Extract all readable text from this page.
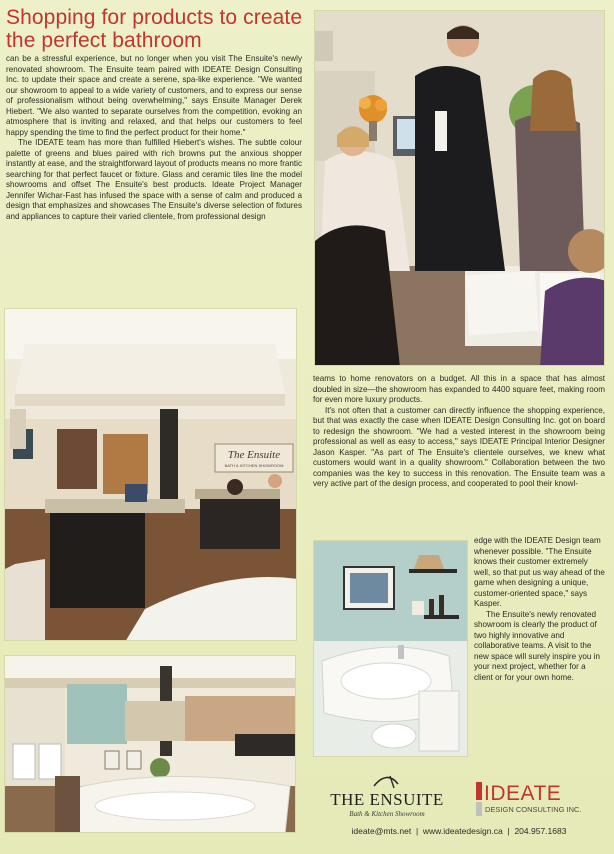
Shopping for products to create the perfect bathroom

can be a stressful experience, but no longer when you visit The Ensuite's newly renovated showroom. The Ensuite team paired with IDEATE Design Consulting Inc. to update their space and create a serene, spa-like experience. "We wanted our showroom to appeal to a wide variety of customers, and to express our sense of professionalism without being overwhelming," says Ensuite Manager Derek Hiebert. "We also wanted to separate ourselves from the competition, evoking an atmosphere that is inviting and relaxed, and that helps our customers to feel happy spending the time to find the perfect product for their home."

The IDEATE team has more than fulfilled Hiebert's wishes. The subtle colour palette of greens and blues paired with rich browns put the anxious shopper instantly at ease, and the straightforward layout of products means no more frantic searching for that perfect faucet or fixture. Glass and ceramic tiles line the model showrooms and offset The Ensuite's best products. Ideate Project Manager Jennifer Wichar-Fast has infused the space with a sense of calm and produced a design that emphasizes and showcases The Ensuite's diverse selection of fixtures and appliances to capture their varied clientele, from professional design

The Ensuite
BATH & KITCHEN SHOWROOM

teams to home renovators on a budget. All this in a space that has almost doubled in size—the showroom has expanded to 4400 square feet, making room for even more luxury products.

It's not often that a customer can directly influence the shopping experience, but that was exactly the case when IDEATE Design Consulting Inc. got on board to redesign the showroom. "We had a vested interest in the showroom being professional as well as easy to access," says IDEATE Principal Interior Designer Jason Kasper. "As part of The Ensuite's clientele ourselves, we knew what customers would want in a quality showroom." Collaboration between the two companies was the key to success in this renovation. The Ensuite team was a very active part of the design process, and cooperated to pool their knowl-

edge with the IDEATE Design team whenever possible. "The Ensuite knows their customer extremely well, so that put us way ahead of the game when designing a unique, customer-oriented space," says Kasper.

The Ensuite's newly renovated showroom is clearly the product of two highly innovative and collaborative teams. A visit to the new space will surely inspire you in your next project, whether for a client or for your own home.

THE ENSUITE
Bath & Kitchen Showroom
IDEATE
DESIGN CONSULTING INC.
ideate@mts.net | www.ideatedesign.ca | 204.957.1683
